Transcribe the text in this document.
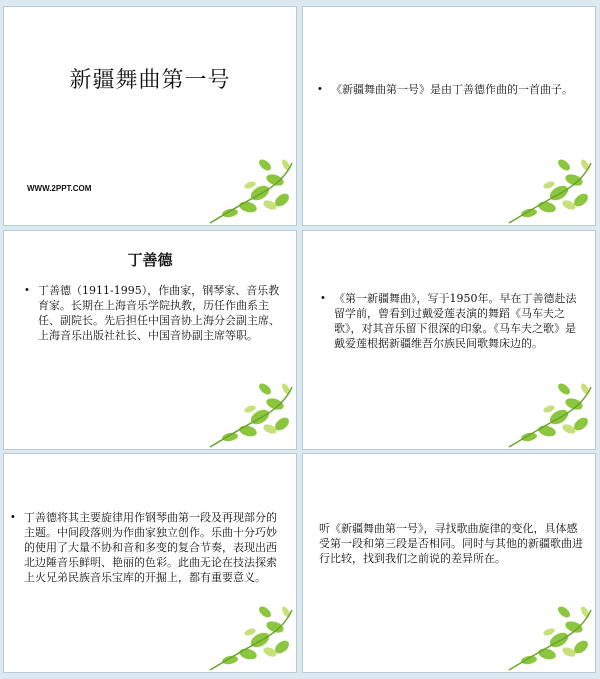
新疆舞曲第一号
WWW.2PPT.COM
• 《新疆舞曲第一号》是由丁善德作曲的一首曲子。
丁善德
• 丁善德（1911-1995），作曲家，钢琴家、音乐教育家。长期在上海音乐学院执教，历任作曲系主任、副院长。先后担任中国音协上海分会副主席、上海音乐出版社社长、中国音协副主席等职。
• 《第一新疆舞曲》，写于1950年。早在丁善德赴法留学前，曾看到过戴爱莲表演的舞蹈《马车夫之歌》，对其音乐留下很深的印象。《马车夫之歌》是戴爱莲根据新疆维吾尔族民间歌舞床边的。
• 丁善德将其主要旋律用作钢琴曲第一段及再现部分的主题。中间段落则为作曲家独立创作。乐曲十分巧妙的使用了大量不协和音和多变的复合节奏，表现出西北边陲音乐鲜明、艳丽的色彩。此曲无论在技法探索上火兄弟民族音乐宝库的开掘上，都有重要意义。
听《新疆舞曲第一号》，寻找歌曲旋律的变化，具体感受第一段和第三段是否相同。同时与其他的新疆歌曲进行比较，找到我们之前说的差异所在。
